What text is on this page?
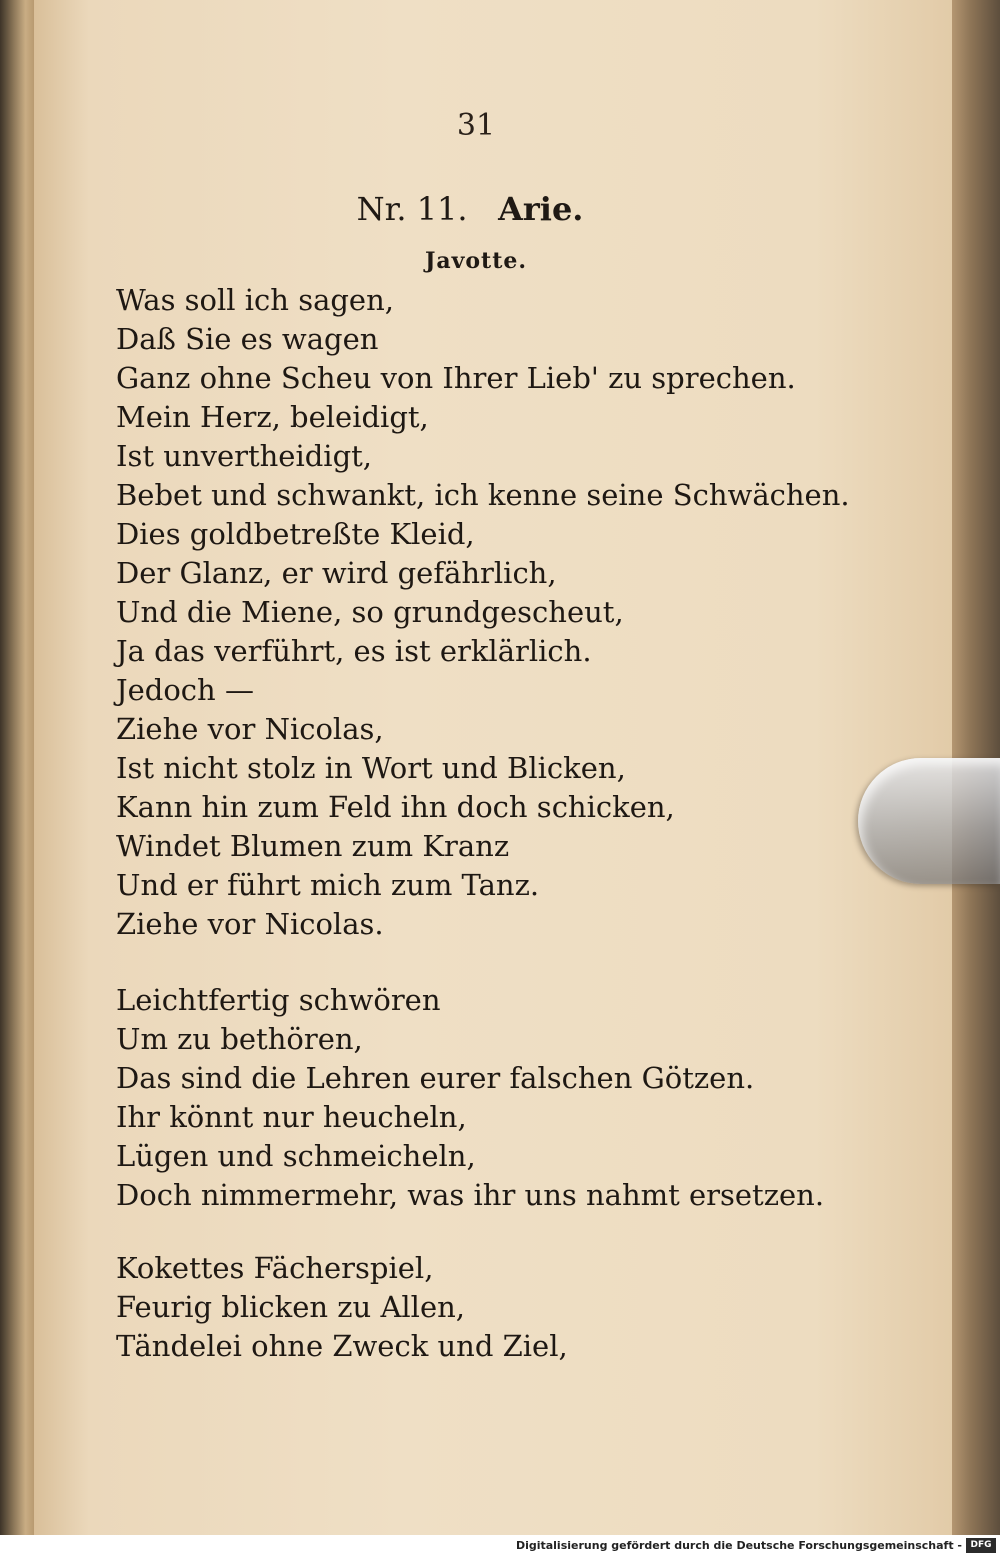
31
Nr. 11. Arie.
Javotte.
Was soll ich sagen,
Daß Sie es wagen
Ganz ohne Scheu von Ihrer Lieb' zu sprechen.
Mein Herz, beleidigt,
Ist unvertheidigt,
Bebet und schwankt, ich kenne seine Schwächen.
Dies goldbetreßte Kleid,
Der Glanz, er wird gefährlich,
Und die Miene, so grundgescheut,
Ja das verführt, es ist erklärlich.
Jedoch —
Ziehe vor Nicolas,
Ist nicht stolz in Wort und Blicken,
Kann hin zum Feld ihn doch schicken,
Windet Blumen zum Kranz
Und er führt mich zum Tanz.
Ziehe vor Nicolas.
Leichtfertig schwören
Um zu bethören,
Das sind die Lehren eurer falschen Götzen.
Ihr könnt nur heucheln,
Lügen und schmeicheln,
Doch nimmermehr, was ihr uns nahmt ersetzen.
Kokettes Fächerspiel,
Feurig blicken zu Allen,
Tändelei ohne Zweck und Ziel,
Digitalisierung gefördert durch die Deutsche Forschungsgemeinschaft - DFG
